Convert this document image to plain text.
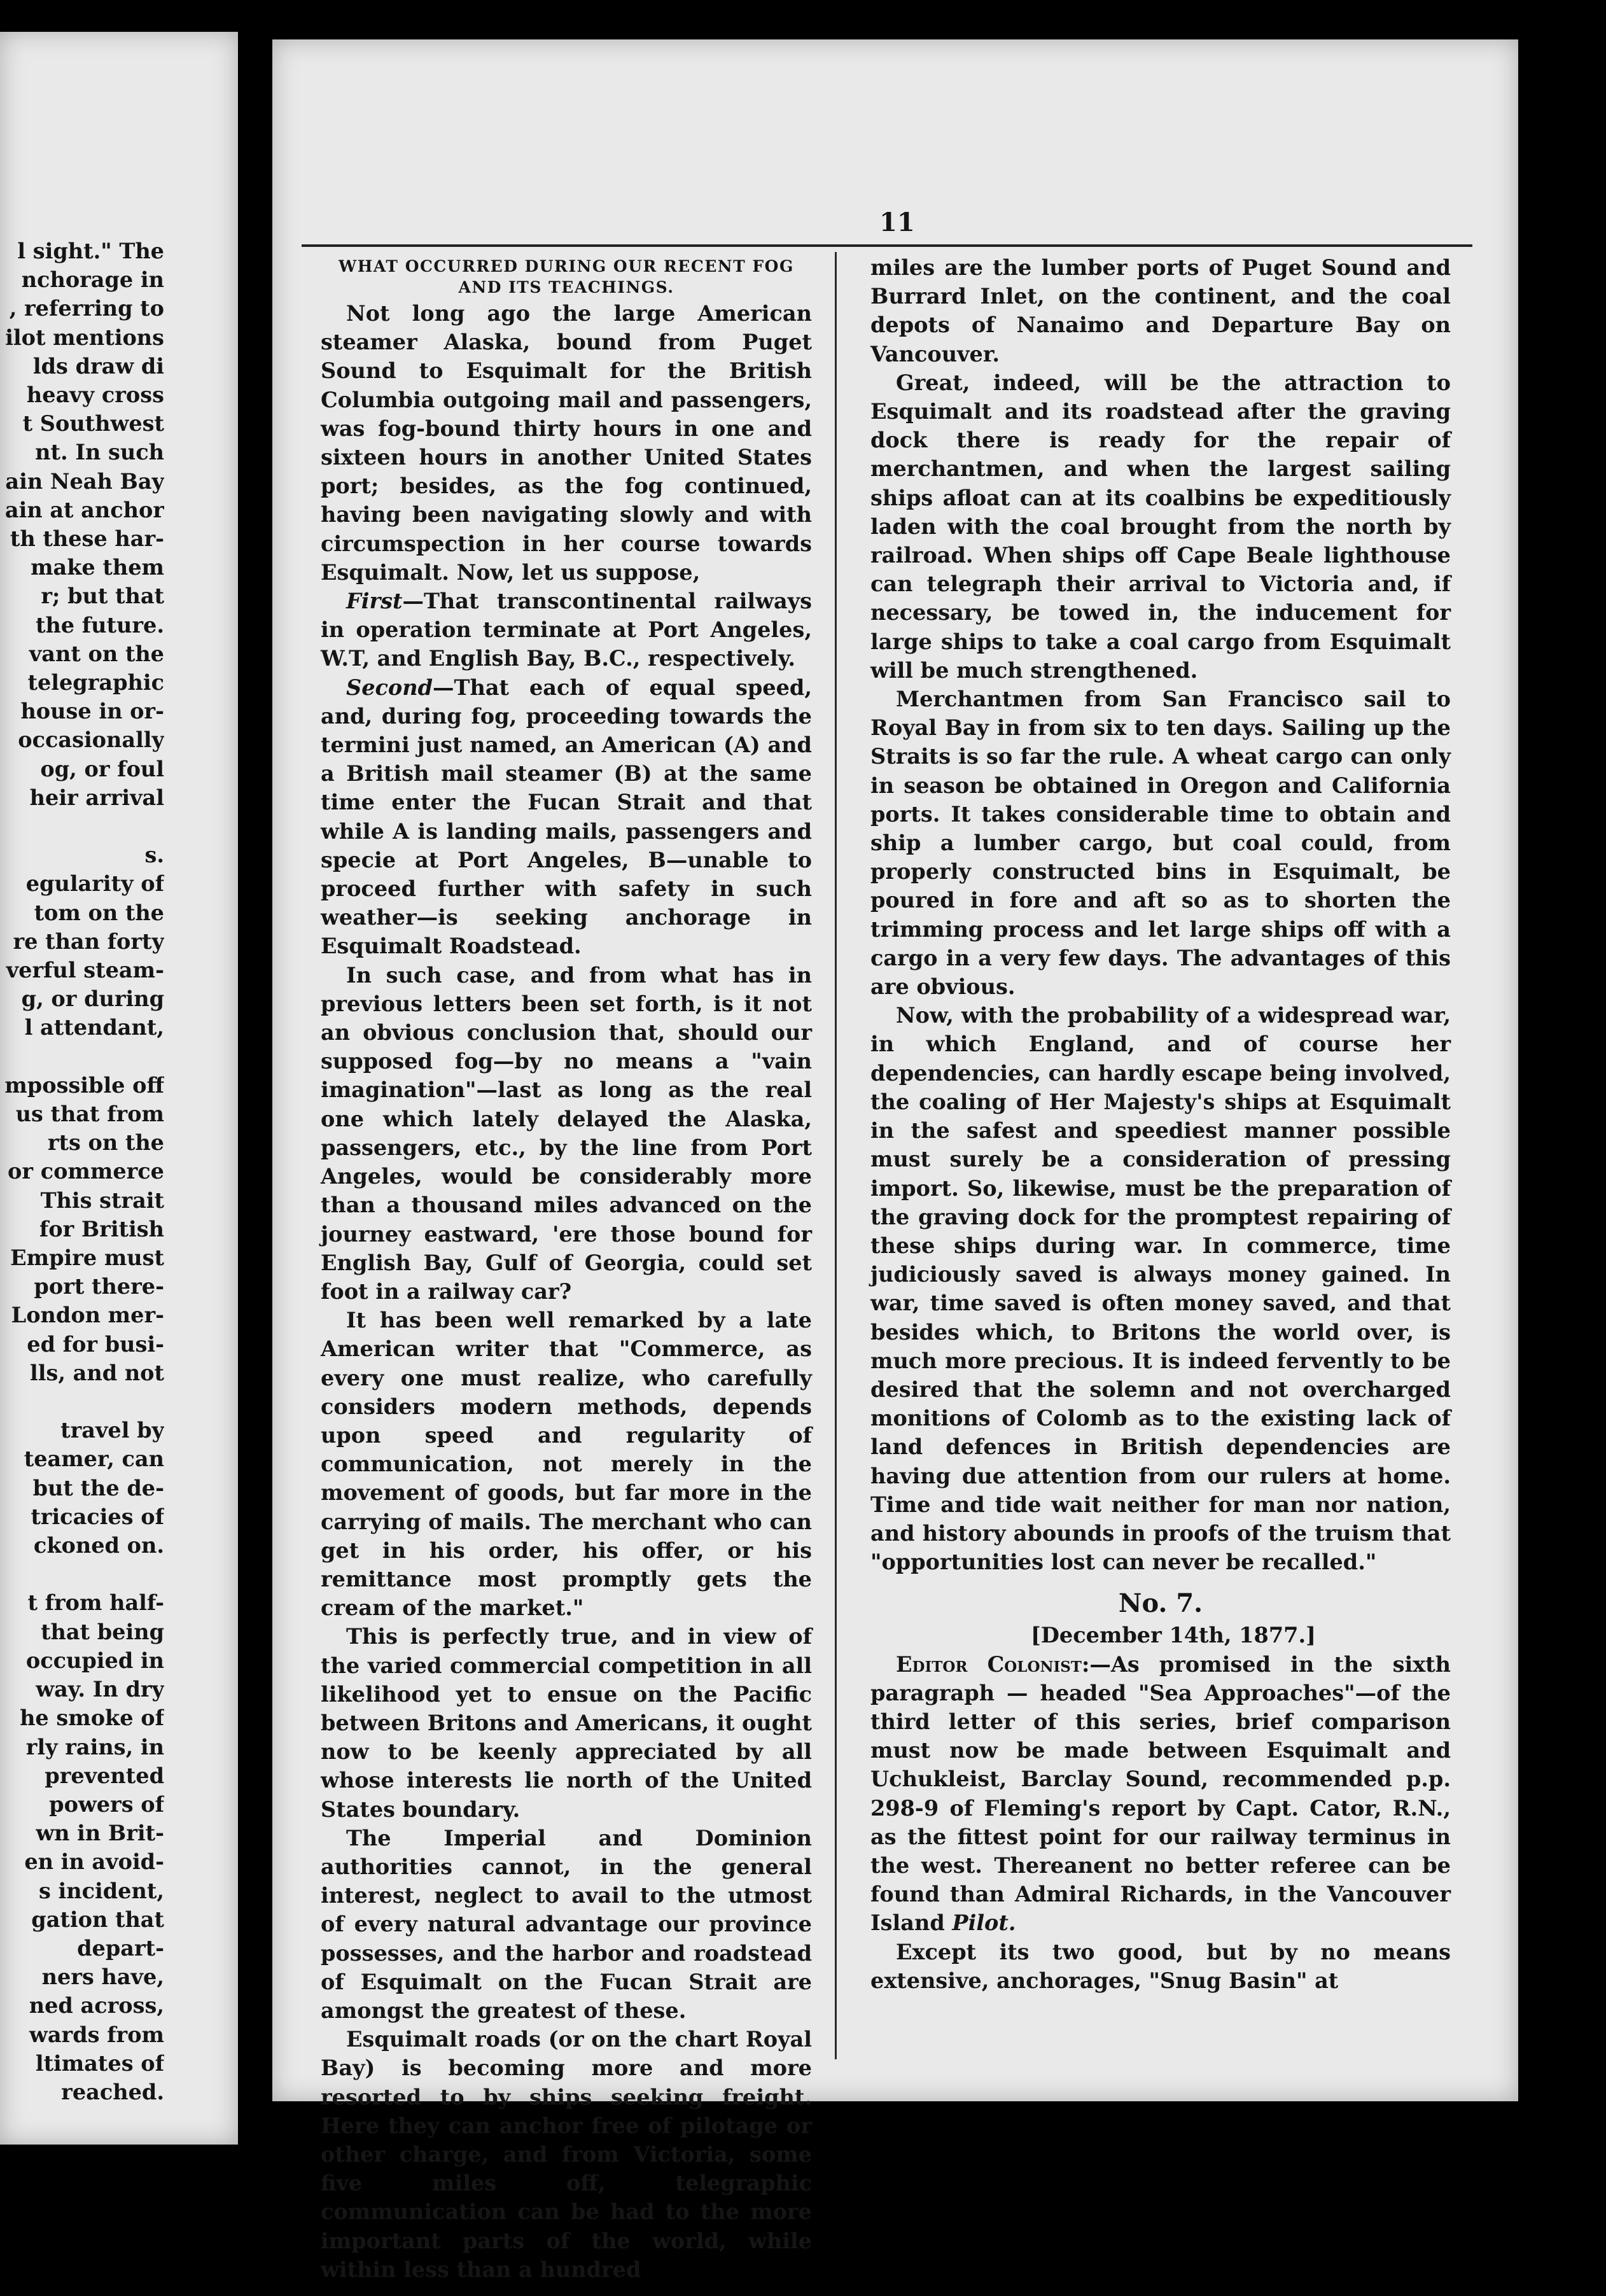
l sight." The
nchorage in
, referring to
ilot mentions
lds draw di
heavy cross
t Southwest
nt. In such
ain Neah Bay
ain at anchor
th these har-
make them
r; but that
the future.
vant on the
telegraphic
house in or-
occasionally
og, or foul
heir arrival
s.
egularity of
tom on the
re than forty
verful steam-
g, or during
l attendant,
mpossible off
us that from
rts on the
or commerce
This strait
for British
Empire must
port there-
London mer-
ed for busi-
lls, and not
travel by
teamer, can
but the de-
tricacies of
ckoned on.
t from half-
that being
occupied in
way. In dry
he smoke of
rly rains, in
prevented
powers of
wn in Brit-
en in avoid-
s incident,
gation that
depart-
ners have,
ned across,
wards from
ltimates of
reached.

11

WHAT OCCURRED DURING OUR RECENT FOG
AND ITS TEACHINGS.

Not long ago the large American steamer Alaska, bound from Puget Sound to Esquimalt for the British Columbia outgoing mail and passengers, was fog-bound thirty hours in one and sixteen hours in another United States port; besides, as the fog continued, having been navigating slowly and with circumspection in her course towards Esquimalt. Now, let us suppose,

First—That transcontinental railways in operation terminate at Port Angeles, W.T, and English Bay, B.C., respectively.

Second—That each of equal speed, and, during fog, proceeding towards the termini just named, an American (A) and a British mail steamer (B) at the same time enter the Fucan Strait and that while A is landing mails, passengers and specie at Port Angeles, B—unable to proceed further with safety in such weather—is seeking anchorage in Esquimalt Roadstead.

In such case, and from what has in previous letters been set forth, is it not an obvious conclusion that, should our supposed fog—by no means a "vain imagination"—last as long as the real one which lately delayed the Alaska, passengers, etc., by the line from Port Angeles, would be considerably more than a thousand miles advanced on the journey eastward, 'ere those bound for English Bay, Gulf of Georgia, could set foot in a railway car?

It has been well remarked by a late American writer that "Commerce, as every one must realize, who carefully considers modern methods, depends upon speed and regularity of communication, not merely in the movement of goods, but far more in the carrying of mails. The merchant who can get in his order, his offer, or his remittance most promptly gets the cream of the market."

This is perfectly true, and in view of the varied commercial competition in all likelihood yet to ensue on the Pacific between Britons and Americans, it ought now to be keenly appreciated by all whose interests lie north of the United States boundary.

The Imperial and Dominion authorities cannot, in the general interest, neglect to avail to the utmost of every natural advantage our province possesses, and the harbor and roadstead of Esquimalt on the Fucan Strait are amongst the greatest of these.

Esquimalt roads (or on the chart Royal Bay) is becoming more and more resorted to by ships seeking freight. Here they can anchor free of pilotage or other charge, and from Victoria, some five miles off, telegraphic communication can be had to the more important parts of the world, while within less than a hundred

miles are the lumber ports of Puget Sound and Burrard Inlet, on the continent, and the coal depots of Nanaimo and Departure Bay on Vancouver.

Great, indeed, will be the attraction to Esquimalt and its roadstead after the graving dock there is ready for the repair of merchantmen, and when the largest sailing ships afloat can at its coalbins be expeditiously laden with the coal brought from the north by railroad. When ships off Cape Beale lighthouse can telegraph their arrival to Victoria and, if necessary, be towed in, the inducement for large ships to take a coal cargo from Esquimalt will be much strengthened.

Merchantmen from San Francisco sail to Royal Bay in from six to ten days. Sailing up the Straits is so far the rule. A wheat cargo can only in season be obtained in Oregon and California ports. It takes considerable time to obtain and ship a lumber cargo, but coal could, from properly constructed bins in Esquimalt, be poured in fore and aft so as to shorten the trimming process and let large ships off with a cargo in a very few days. The advantages of this are obvious.

Now, with the probability of a widespread war, in which England, and of course her dependencies, can hardly escape being involved, the coaling of Her Majesty's ships at Esquimalt in the safest and speediest manner possible must surely be a consideration of pressing import. So, likewise, must be the preparation of the graving dock for the promptest repairing of these ships during war. In commerce, time judiciously saved is always money gained. In war, time saved is often money saved, and that besides which, to Britons the world over, is much more precious. It is indeed fervently to be desired that the solemn and not overcharged monitions of Colomb as to the existing lack of land defences in British dependencies are having due attention from our rulers at home. Time and tide wait neither for man nor nation, and history abounds in proofs of the truism that "opportunities lost can never be recalled."

No. 7.

[December 14th, 1877.]

Editor Colonist:—As promised in the sixth paragraph — headed "Sea Approaches"—of the third letter of this series, brief comparison must now be made between Esquimalt and Uchukleist, Barclay Sound, recommended p.p. 298-9 of Fleming's report by Capt. Cator, R.N., as the fittest point for our railway terminus in the west. Thereanent no better referee can be found than Admiral Richards, in the Vancouver Island Pilot.

Except its two good, but by no means extensive, anchorages, "Snug Basin" at
